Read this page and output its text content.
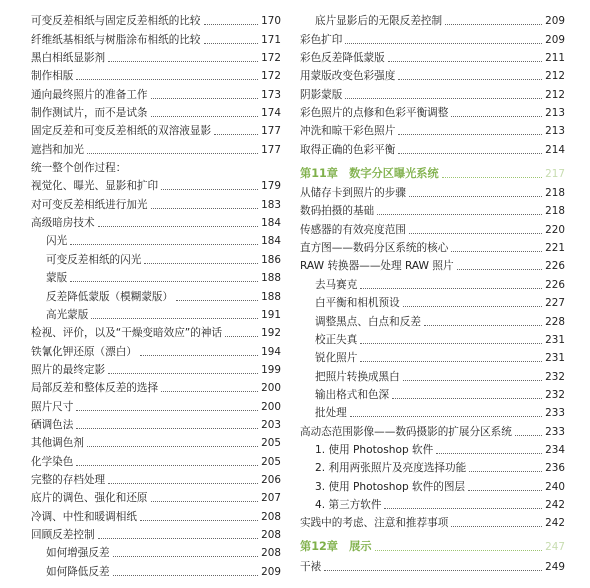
可变反差相纸与固定反差相纸的比较	170
纤维纸基相纸与树脂涂布相纸的比较	171
黑白相纸显影剂	172
制作相版	172
通向最终照片的准备工作	173
制作测试片，而不是试条	174
固定反差和可变反差相纸的双溶液显影	177
遮挡和加光	177
统一整个创作过程：
视觉化、曝光、显影和扩印	179
对可变反差相纸进行加光	183
高级暗房技术	184
闪光	184
可变反差相纸的闪光	186
蒙版	188
反差降低蒙版（模糊蒙版）	188
高光蒙版	191
检视、评价，以及“干燥变暗效应”的神话	192
铁氰化钾还原（漂白）	194
照片的最终定影	199
局部反差和整体反差的选择	200
照片尺寸	200
硒调色法	203
其他调色剂	205
化学染色	205
完整的存档处理	206
底片的调色、强化和还原	207
冷调、中性和暖调相纸	208
回顾反差控制	208
如何增强反差	208
如何降低反差	209
底片显影后的无限反差控制	209
彩色扩印	209
彩色反差降低蒙版	211
用蒙版改变色彩强度	212
阴影蒙版	212
彩色照片的点修和色彩平衡调整	213
冲洗和晾干彩色照片	213
取得正确的色彩平衡	214
第11章　数字分区曝光系统	217
从储存卡到照片的步骤	218
数码拍摄的基础	218
传感器的有效亮度范围	220
直方图——数码分区系统的核心	221
RAW 转换器——处理 RAW 照片	226
去马赛克	226
白平衡和相机预设	227
调整黑点、白点和反差	228
校正失真	231
锐化照片	231
把照片转换成黑白	232
输出格式和色深	232
批处理	233
高动态范围影像——数码摄影的扩展分区系统	233
1. 使用 Photoshop 软件	234
2. 利用两张照片及亮度选择功能	236
3. 使用 Photoshop 软件的图层	240
4. 第三方软件	242
实践中的考虑、注意和推荐事项	242
第12章　展示	247
干裱	249
